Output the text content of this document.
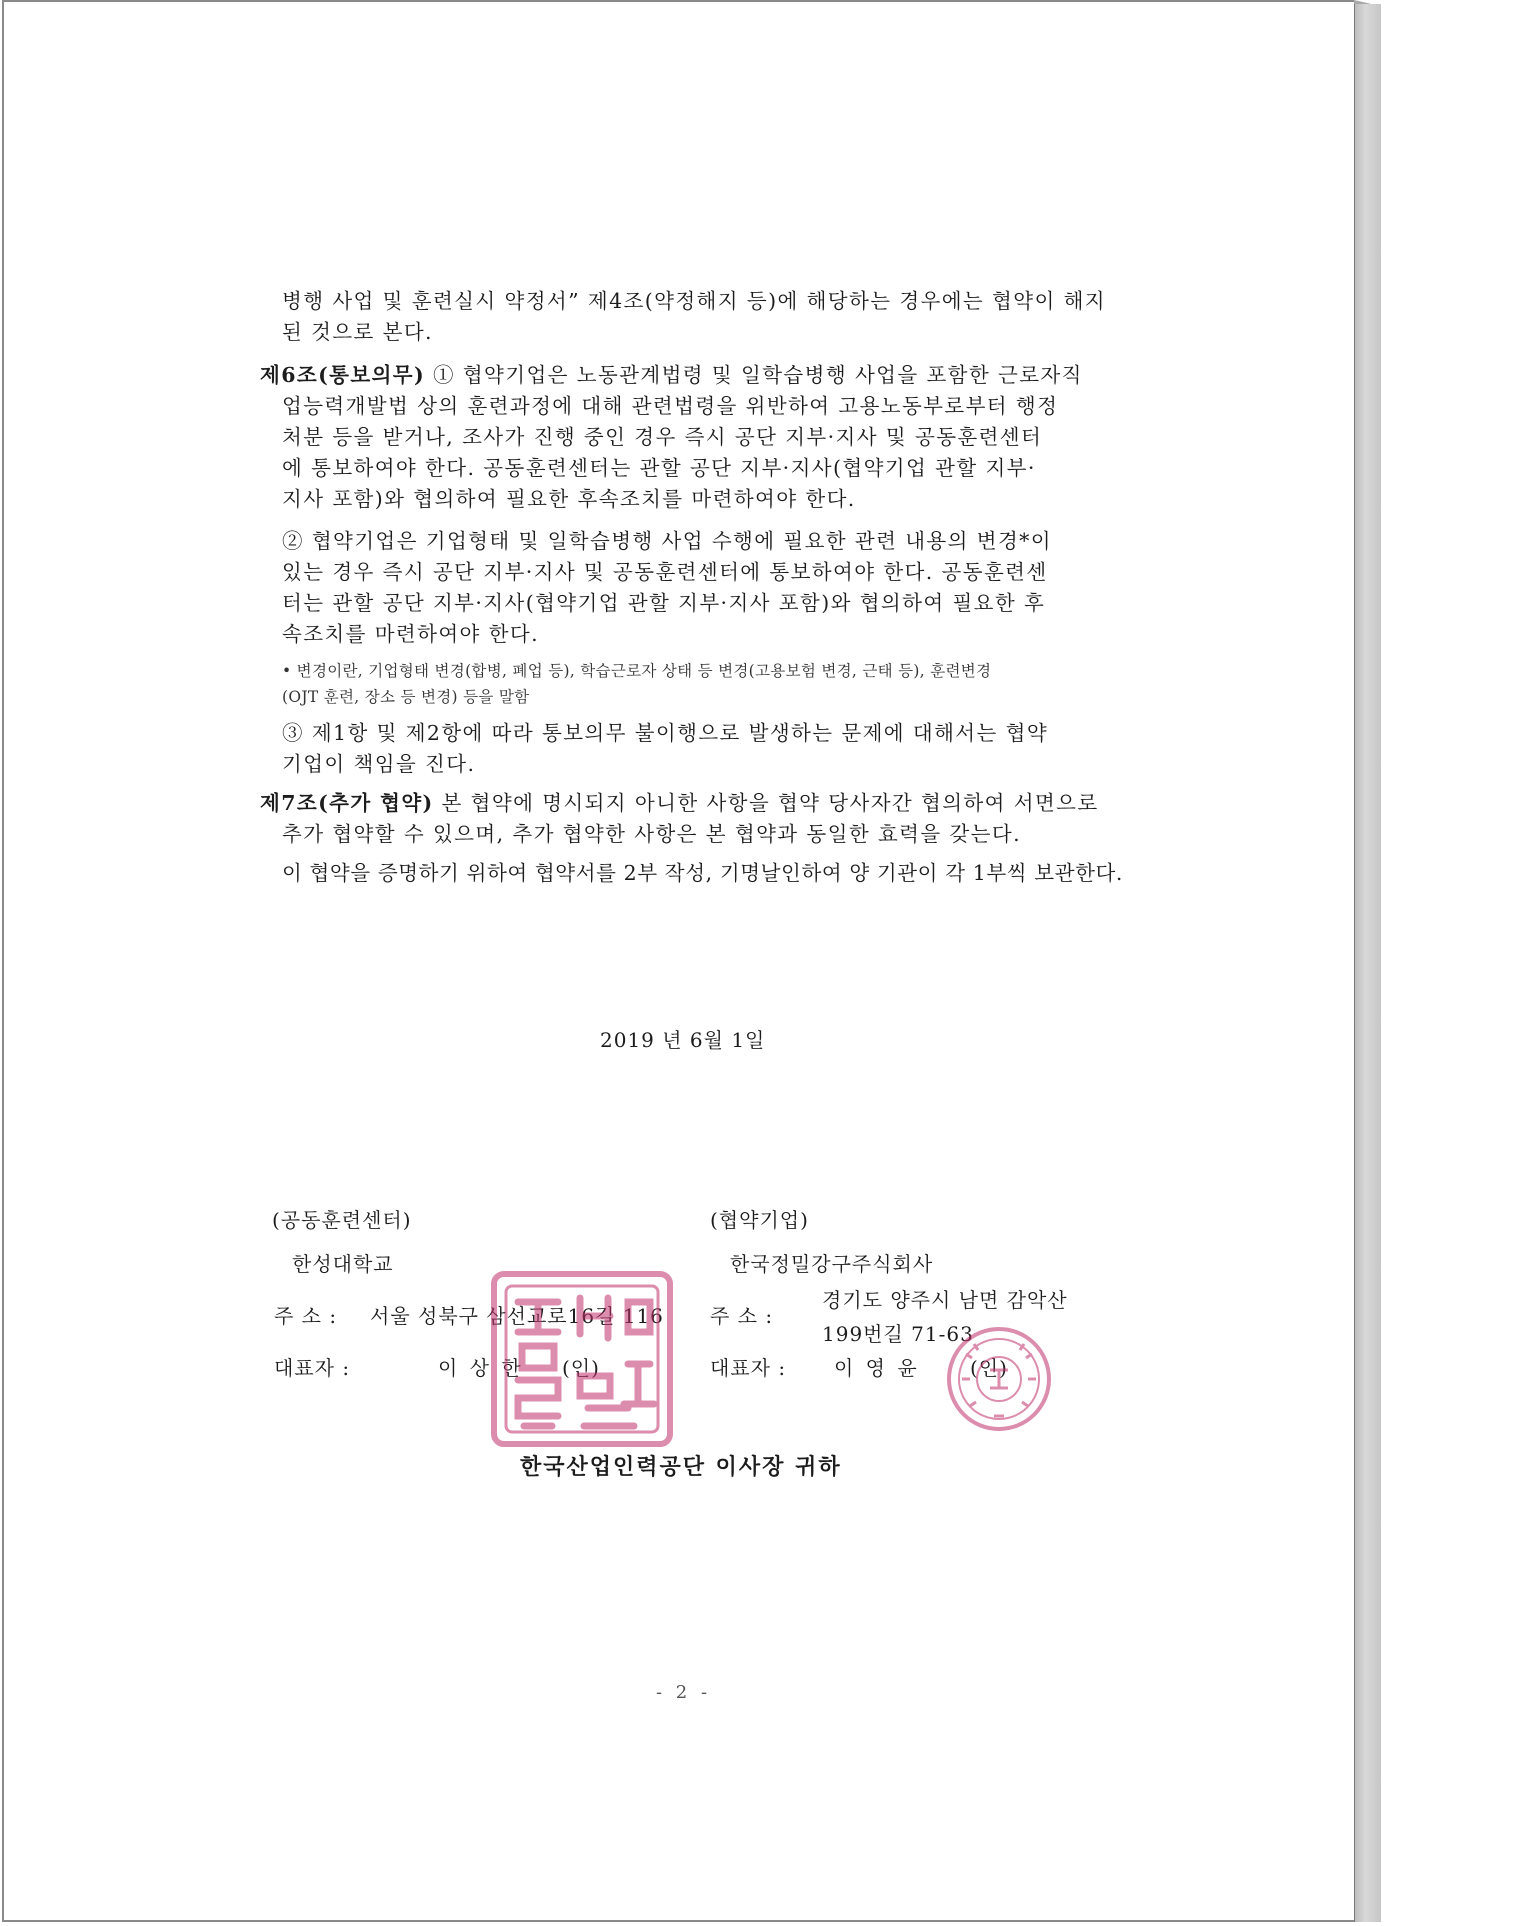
병행 사업 및 훈련실시 약정서” 제4조(약정해지 등)에 해당하는 경우에는 협약이 해지
된 것으로 본다.
제6조(통보의무) ① 협약기업은 노동관계법령 및 일학습병행 사업을 포함한 근로자직
업능력개발법 상의 훈련과정에 대해 관련법령을 위반하여 고용노동부로부터 행정
처분 등을 받거나, 조사가 진행 중인 경우 즉시 공단 지부·지사 및 공동훈련센터
에 통보하여야 한다. 공동훈련센터는 관할 공단 지부·지사(협약기업 관할 지부·
지사 포함)와 협의하여 필요한 후속조치를 마련하여야 한다.
② 협약기업은 기업형태 및 일학습병행 사업 수행에 필요한 관련 내용의 변경*이
있는 경우 즉시 공단 지부·지사 및 공동훈련센터에 통보하여야 한다. 공동훈련센
터는 관할 공단 지부·지사(협약기업 관할 지부·지사 포함)와 협의하여 필요한 후
속조치를 마련하여야 한다.
• 변경이란, 기업형태 변경(합병, 폐업 등), 학습근로자 상태 등 변경(고용보험 변경, 근태 등), 훈련변경
(OJT 훈련, 장소 등 변경) 등을 말함
③ 제1항 및 제2항에 따라 통보의무 불이행으로 발생하는 문제에 대해서는 협약
기업이 책임을 진다.
제7조(추가 협약) 본 협약에 명시되지 아니한 사항을 협약 당사자간 협의하여 서면으로
추가 협약할 수 있으며, 추가 협약한 사항은 본 협약과 동일한 효력을 갖는다.
이 협약을 증명하기 위하여 협약서를 2부 작성, 기명날인하여 양 기관이 각 1부씩 보관한다.
2019 년 6월 1일
(공동훈련센터)
한성대학교
주 소 : 서울 성북구 삼선교로16길 116
대표자 :	이 상 한 (인)
(협약기업)
한국정밀강구주식회사
주 소 :
경기도 양주시 남면 감악산
199번길 71-63
대표자 : 이 영 윤	(인)
한국산업인력공단 이사장 귀하
- 2 -
